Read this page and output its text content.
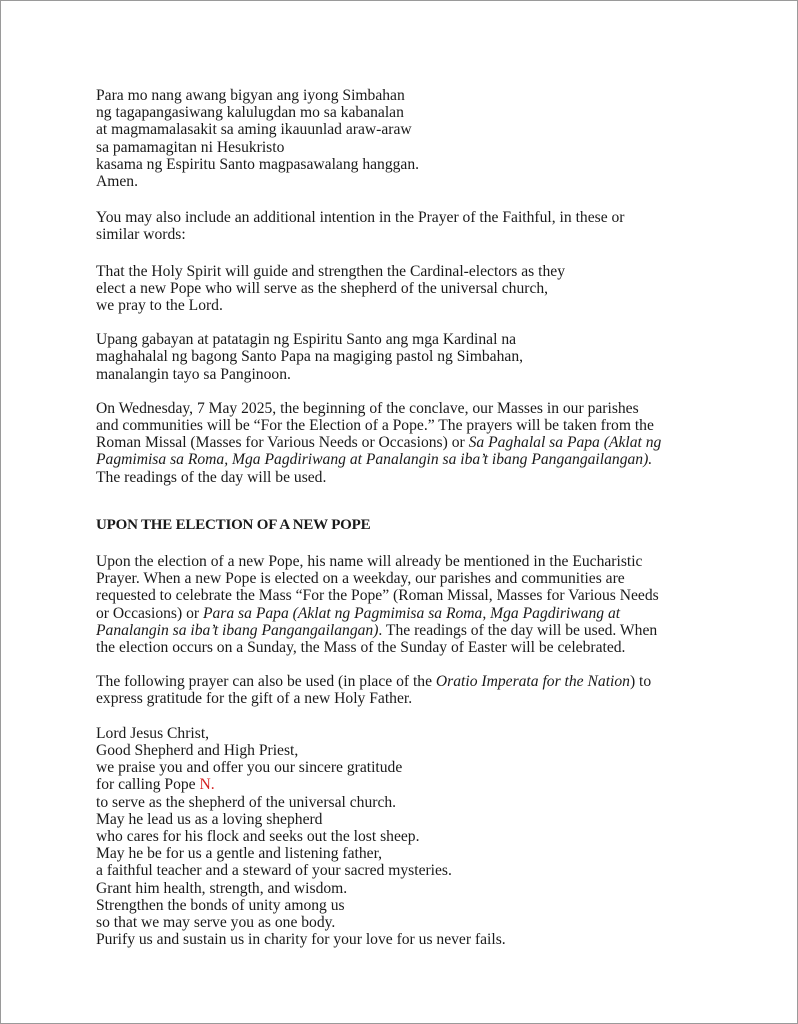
Para mo nang awang bigyan ang iyong Simbahan
ng tagapangasiwang kalulugdan mo sa kabanalan
at magmamalasakit sa aming ikauunlad araw-araw
sa pamamagitan ni Hesukristo
kasama ng Espiritu Santo magpasawalang hanggan.
Amen.
You may also include an additional intention in the Prayer of the Faithful, in these or
similar words:
That the Holy Spirit will guide and strengthen the Cardinal-electors as they
elect a new Pope who will serve as the shepherd of the universal church,
we pray to the Lord.
Upang gabayan at patatagin ng Espiritu Santo ang mga Kardinal na
maghahalal ng bagong Santo Papa na magiging pastol ng Simbahan,
manalangin tayo sa Panginoon.
On Wednesday, 7 May 2025, the beginning of the conclave, our Masses in our parishes
and communities will be “For the Election of a Pope.” The prayers will be taken from the
Roman Missal (Masses for Various Needs or Occasions) or Sa Paghalal sa Papa (Aklat ng
Pagmimisa sa Roma, Mga Pagdiriwang at Panalangin sa iba’t ibang Pangangailangan).
The readings of the day will be used.
UPON THE ELECTION OF A NEW POPE
Upon the election of a new Pope, his name will already be mentioned in the Eucharistic
Prayer. When a new Pope is elected on a weekday, our parishes and communities are
requested to celebrate the Mass “For the Pope” (Roman Missal, Masses for Various Needs
or Occasions) or Para sa Papa (Aklat ng Pagmimisa sa Roma, Mga Pagdiriwang at
Panalangin sa iba’t ibang Pangangailangan). The readings of the day will be used. When
the election occurs on a Sunday, the Mass of the Sunday of Easter will be celebrated.
The following prayer can also be used (in place of the Oratio Imperata for the Nation) to
express gratitude for the gift of a new Holy Father.
Lord Jesus Christ,
Good Shepherd and High Priest,
we praise you and offer you our sincere gratitude
for calling Pope N.
to serve as the shepherd of the universal church.
May he lead us as a loving shepherd
who cares for his flock and seeks out the lost sheep.
May he be for us a gentle and listening father,
a faithful teacher and a steward of your sacred mysteries.
Grant him health, strength, and wisdom.
Strengthen the bonds of unity among us
so that we may serve you as one body.
Purify us and sustain us in charity for your love for us never fails.
